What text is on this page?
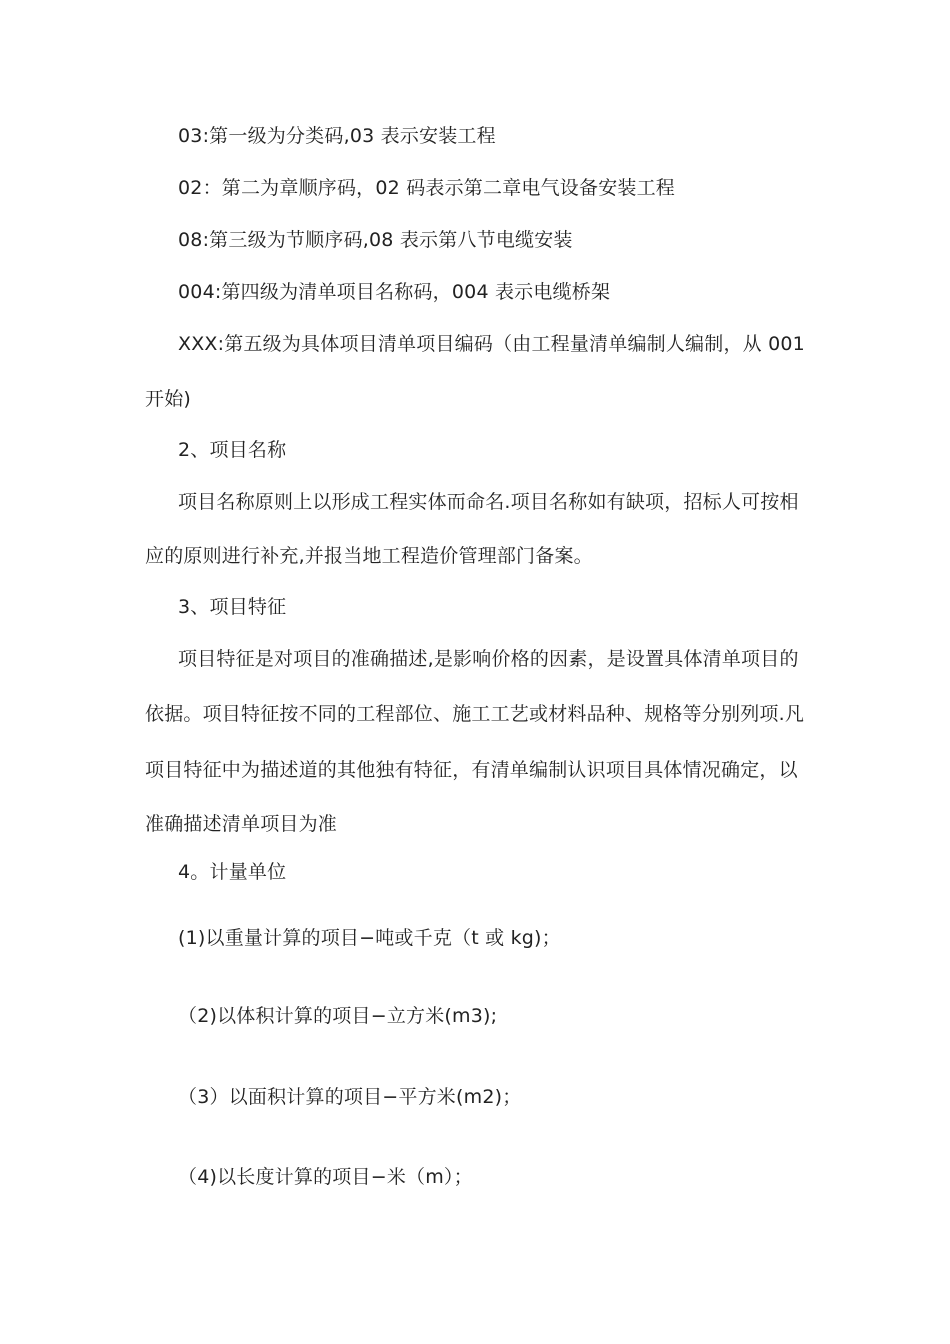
03:第一级为分类码,03 表示安装工程
02：第二为章顺序码，02 码表示第二章电气设备安装工程
08:第三级为节顺序码,08 表示第八节电缆安装
004:第四级为清单项目名称码，004 表示电缆桥架
XXX:第五级为具体项目清单项目编码（由工程量清单编制人编制，从 001
开始)
2、项目名称
项目名称原则上以形成工程实体而命名.项目名称如有缺项，招标人可按相
应的原则进行补充,并报当地工程造价管理部门备案。
3、项目特征
项目特征是对项目的准确描述,是影响价格的因素，是设置具体清单项目的
依据。项目特征按不同的工程部位、施工工艺或材料品种、规格等分别列项.凡
项目特征中为描述道的其他独有特征，有清单编制认识项目具体情况确定，以
准确描述清单项目为准
4。计量单位
(1)以重量计算的项目−吨或千克（t 或 kg)；
（2)以体积计算的项目−立方米(m3);
（3）以面积计算的项目−平方米(m2)；
（4)以长度计算的项目−米（m）；
